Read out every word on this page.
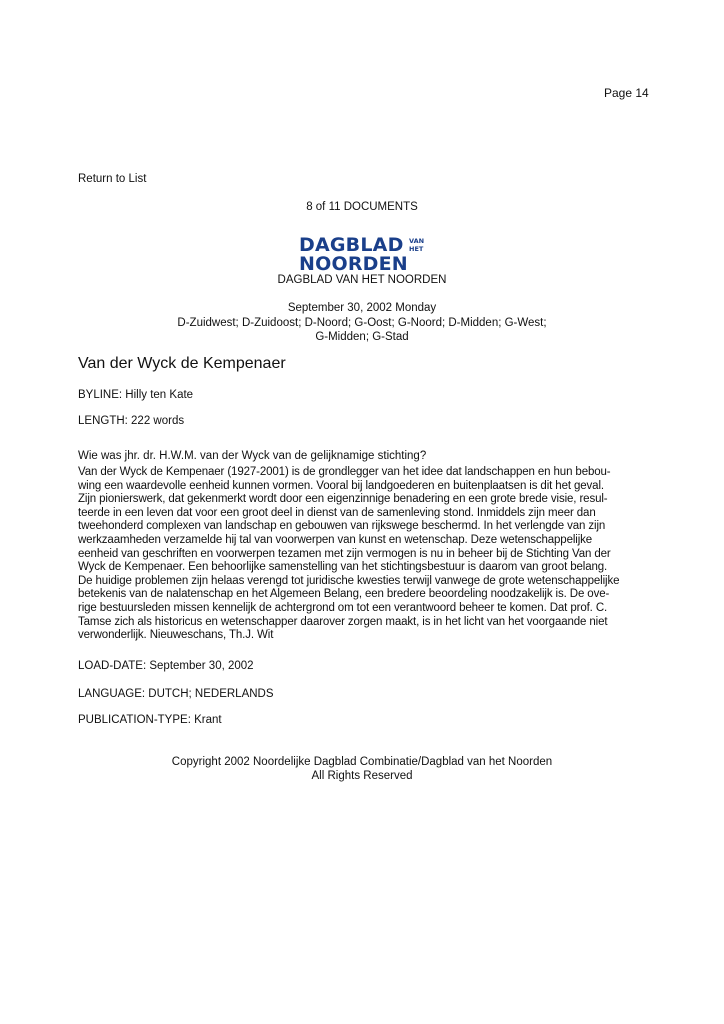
Page 14
Return to List
8 of 11 DOCUMENTS
DAGBLAD
NOORDEN
VAN
HET
DAGBLAD VAN HET NOORDEN
September 30, 2002 Monday
D-Zuidwest; D-Zuidoost; D-Noord; G-Oost; G-Noord; D-Midden; G-West;
G-Midden; G-Stad
Van der Wyck de Kempenaer
BYLINE: Hilly ten Kate
LENGTH: 222 words
Wie was jhr. dr. H.W.M. van der Wyck van de gelijknamige stichting?

Van der Wyck de Kempenaer (1927-2001) is de grondlegger van het idee dat landschappen en hun bebou-

wing een waardevolle eenheid kunnen vormen. Vooral bij landgoederen en buitenplaatsen is dit het geval.

Zijn pionierswerk, dat gekenmerkt wordt door een eigenzinnige benadering en een grote brede visie, resul-

teerde in een leven dat voor een groot deel in dienst van de samenleving stond. Inmiddels zijn meer dan

tweehonderd complexen van landschap en gebouwen van rijkswege beschermd. In het verlengde van zijn

werkzaamheden verzamelde hij tal van voorwerpen van kunst en wetenschap. Deze wetenschappelijke

eenheid van geschriften en voorwerpen tezamen met zijn vermogen is nu in beheer bij de Stichting Van der

Wyck de Kempenaer. Een behoorlijke samenstelling van het stichtingsbestuur is daarom van groot belang.

De huidige problemen zijn helaas verengd tot juridische kwesties terwijl vanwege de grote wetenschappelijke

betekenis van de nalatenschap en het Algemeen Belang, een bredere beoordeling noodzakelijk is. De ove-

rige bestuursleden missen kennelijk de achtergrond om tot een verantwoord beheer te komen. Dat prof. C.

Tamse zich als historicus en wetenschapper daarover zorgen maakt, is in het licht van het voorgaande niet

verwonderlijk. Nieuweschans, Th.J. Wit

LOAD-DATE: September 30, 2002
LANGUAGE: DUTCH; NEDERLANDS
PUBLICATION-TYPE: Krant
Copyright 2002 Noordelijke Dagblad Combinatie/Dagblad van het Noorden
All Rights Reserved
